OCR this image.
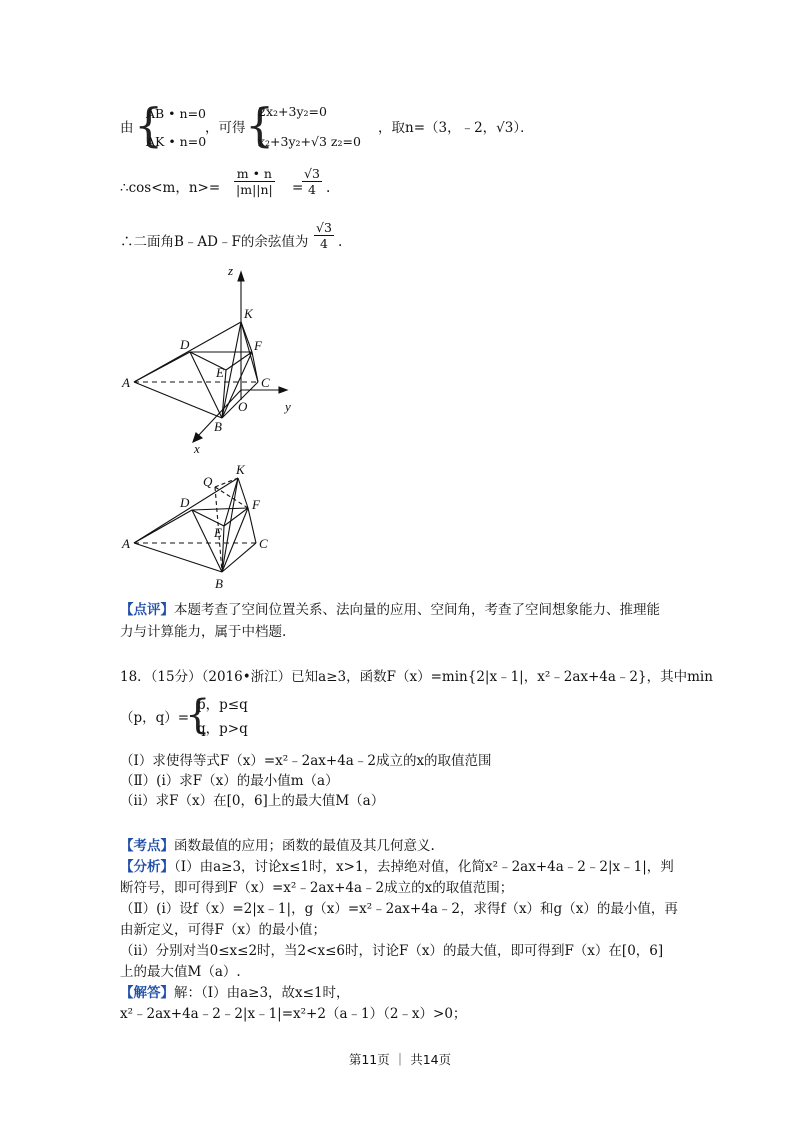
由 {
AB • n=0
AK • n=0
，可得 {
2x₂+3y₂=0
x₂+3y₂+√3 z₂=0
，取n=（3，﹣2，√3）．
∴cos<m，$n>= \frac{m • n}{|m||n|}$ =
$\frac{√3}{4}$ .
∴二面角B﹣AD﹣F的余弦值为 $\frac{√3}{4}$ .
z
K
D	F
E
A	C
O	y
B
x
K
Q
D	F
E
A	C
B
【点评】本题考查了空间位置关系、法向量的应用、空间角，考查了空间想象能力、推理能
力与计算能力，属于中档题.
18．（15分）（2016•浙江）已知a≥3，函数F（x）=min{2|x﹣1|，x²﹣2ax+4a﹣2}，其中min
（p，q）=
{
p，p≤q
q，p>q
（Ⅰ）求使得等式F（x）=x²﹣2ax+4a﹣2成立的x的取值范围
（Ⅱ）(i）求F（x）的最小值m（a）
（ii）求F（x）在[0，6]上的最大值M（a）
【考点】函数最值的应用；函数的最值及其几何意义.
【分析】（Ⅰ）由a≥3，讨论x≤1时，x>1，去掉绝对值，化简x²﹣2ax+4a﹣2﹣2|x﹣1|，判
断符号，即可得到F（x）=x²﹣2ax+4a﹣2成立的x的取值范围；
（Ⅱ）(i）设f（x）=2|x﹣1|，g（x）=x²﹣2ax+4a﹣2，求得f（x）和g（x）的最小值，再
由新定义，可得F（x）的最小值；
（ii）分别对当0≤x≤2时，当2<x≤6时，讨论F（x）的最大值，即可得到F（x）在[0，6]
上的最大值M（a）.
【解答】解：（Ⅰ）由a≥3，故x≤1时，
x²﹣2ax+4a﹣2﹣2|x﹣1|=x²+2（a﹣1）（2﹣x）>0；
第11页 ｜ 共14页
